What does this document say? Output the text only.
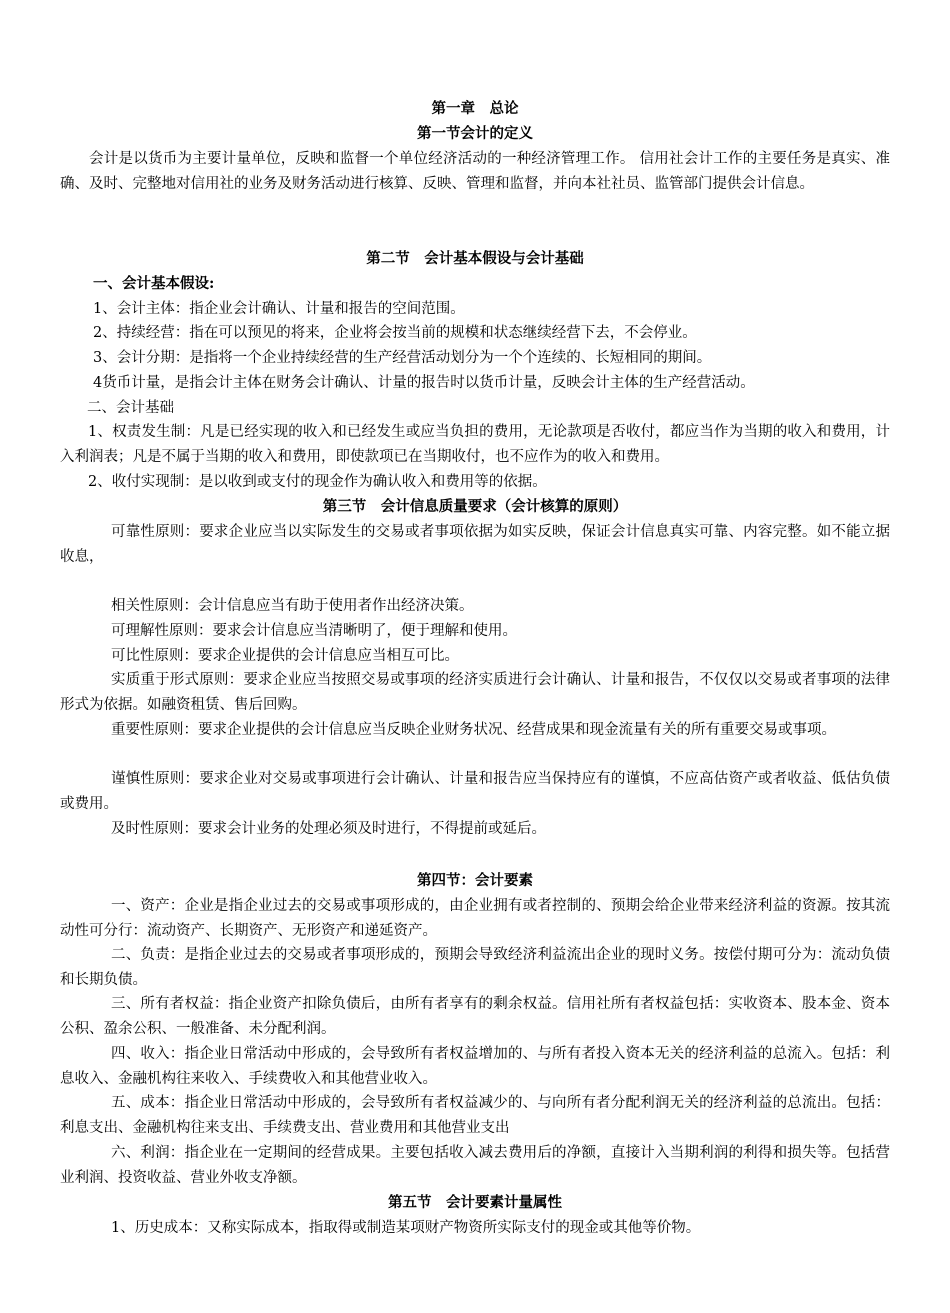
第一章　总论

第一节会计的定义

会计是以货币为主要计量单位，反映和监督一个单位经济活动的一种经济管理工作。 信用社会计工作的主要任务是真实、准确、及时、完整地对信用社的业务及财务活动进行核算、反映、管理和监督，并向本社社员、监管部门提供会计信息。

第二节　会计基本假设与会计基础

一、会计基本假设:

1、会计主体：指企业会计确认、计量和报告的空间范围。

2、持续经营：指在可以预见的将来，企业将会按当前的规模和状态继续经营下去，不会停业。

3、会计分期：是指将一个企业持续经营的生产经营活动划分为一个个连续的、长短相同的期间。

4货币计量，是指会计主体在财务会计确认、计量的报告时以货币计量，反映会计主体的生产经营活动。

二、会计基础

1、权责发生制：凡是已经实现的收入和已经发生或应当负担的费用，无论款项是否收付，都应当作为当期的收入和费用，计入利润表；凡是不属于当期的收入和费用，即使款项已在当期收付，也不应作为的收入和费用。

2、收付实现制：是以收到或支付的现金作为确认收入和费用等的依据。

第三节　会计信息质量要求（会计核算的原则）

可靠性原则：要求企业应当以实际发生的交易或者事项依据为如实反映，保证会计信息真实可靠、内容完整。如不能立据收息，

相关性原则：会计信息应当有助于使用者作出经济决策。

可理解性原则：要求会计信息应当清晰明了，便于理解和使用。

可比性原则：要求企业提供的会计信息应当相互可比。

实质重于形式原则：要求企业应当按照交易或事项的经济实质进行会计确认、计量和报告，不仅仅以交易或者事项的法律形式为依据。如融资租赁、售后回购。

重要性原则：要求企业提供的会计信息应当反映企业财务状况、经营成果和现金流量有关的所有重要交易或事项。

谨慎性原则：要求企业对交易或事项进行会计确认、计量和报告应当保持应有的谨慎，不应高估资产或者收益、低估负债或费用。

及时性原则：要求会计业务的处理必须及时进行，不得提前或延后。

第四节：会计要素

一、资产：企业是指企业过去的交易或事项形成的，由企业拥有或者控制的、预期会给企业带来经济利益的资源。按其流动性可分行：流动资产、长期资产、无形资产和递延资产。

二、负责：是指企业过去的交易或者事项形成的，预期会导致经济利益流出企业的现时义务。按偿付期可分为：流动负债和长期负债。

三、所有者权益：指企业资产扣除负债后，由所有者享有的剩余权益。信用社所有者权益包括：实收资本、股本金、资本公积、盈余公积、一般准备、未分配利润。

四、收入：指企业日常活动中形成的，会导致所有者权益增加的、与所有者投入资本无关的经济利益的总流入。包括：利息收入、金融机构往来收入、手续费收入和其他营业收入。

五、成本：指企业日常活动中形成的，会导致所有者权益减少的、与向所有者分配利润无关的经济利益的总流出。包括：利息支出、金融机构往来支出、手续费支出、营业费用和其他营业支出

六、利润：指企业在一定期间的经营成果。主要包括收入减去费用后的净额，直接计入当期利润的利得和损失等。包括营业利润、投资收益、营业外收支净额。

第五节　会计要素计量属性

1、历史成本：又称实际成本，指取得或制造某项财产物资所实际支付的现金或其他等价物。
